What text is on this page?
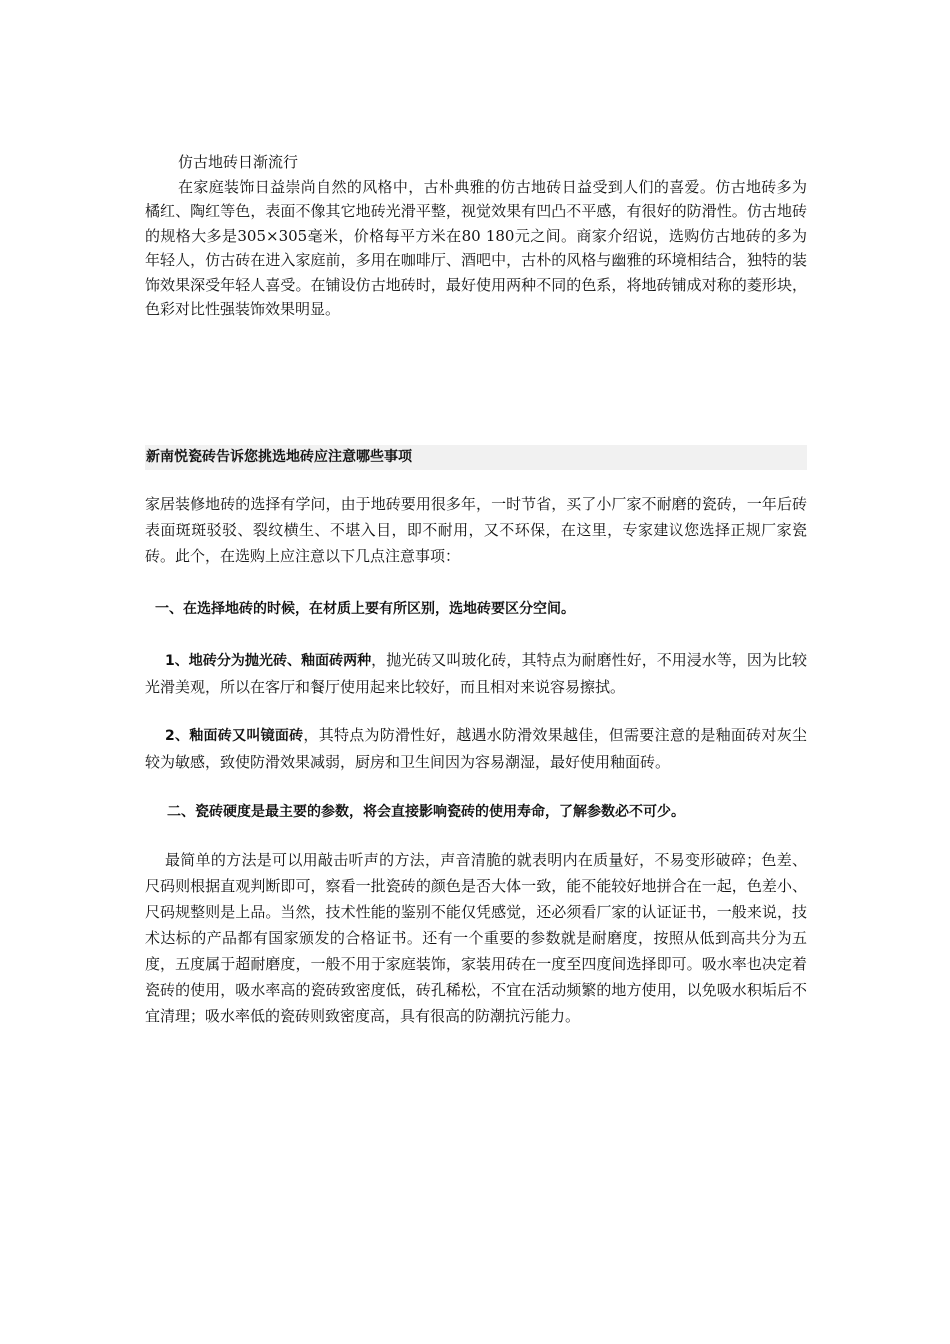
仿古地砖日渐流行

在家庭装饰日益崇尚自然的风格中，古朴典雅的仿古地砖日益受到人们的喜爱。仿古地砖多为橘红、陶红等色，表面不像其它地砖光滑平整，视觉效果有凹凸不平感，有很好的防滑性。仿古地砖的规格大多是305×305毫米，价格每平方米在80 180元之间。商家介绍说，选购仿古地砖的多为年轻人，仿古砖在进入家庭前，多用在咖啡厅、酒吧中，古朴的风格与幽雅的环境相结合，独特的装饰效果深受年轻人喜受。在铺设仿古地砖时，最好使用两种不同的色系，将地砖铺成对称的菱形块，色彩对比性强装饰效果明显。

新南悦瓷砖告诉您挑选地砖应注意哪些事项

家居装修地砖的选择有学问，由于地砖要用很多年，一时节省，买了小厂家不耐磨的瓷砖，一年后砖表面斑斑驳驳、裂纹横生、不堪入目，即不耐用，又不环保，在这里，专家建议您选择正规厂家瓷砖。此个，在选购上应注意以下几点注意事项：

一、在选择地砖的时候，在材质上要有所区别，选地砖要区分空间。

1、地砖分为抛光砖、釉面砖两种，抛光砖又叫玻化砖，其特点为耐磨性好，不用浸水等，因为比较光滑美观，所以在客厅和餐厅使用起来比较好，而且相对来说容易擦拭。

2、釉面砖又叫镜面砖，其特点为防滑性好，越遇水防滑效果越佳，但需要注意的是釉面砖对灰尘较为敏感，致使防滑效果减弱，厨房和卫生间因为容易潮湿，最好使用釉面砖。

二、瓷砖硬度是最主要的参数，将会直接影响瓷砖的使用寿命，了解参数必不可少。

最简单的方法是可以用敲击听声的方法，声音清脆的就表明内在质量好，不易变形破碎；色差、尺码则根据直观判断即可，察看一批瓷砖的颜色是否大体一致，能不能较好地拼合在一起，色差小、尺码规整则是上品。当然，技术性能的鉴别不能仅凭感觉，还必须看厂家的认证证书，一般来说，技术达标的产品都有国家颁发的合格证书。还有一个重要的参数就是耐磨度，按照从低到高共分为五度，五度属于超耐磨度，一般不用于家庭装饰，家装用砖在一度至四度间选择即可。吸水率也决定着瓷砖的使用，吸水率高的瓷砖致密度低，砖孔稀松，不宜在活动频繁的地方使用，以免吸水积垢后不宜清理；吸水率低的瓷砖则致密度高，具有很高的防潮抗污能力。
